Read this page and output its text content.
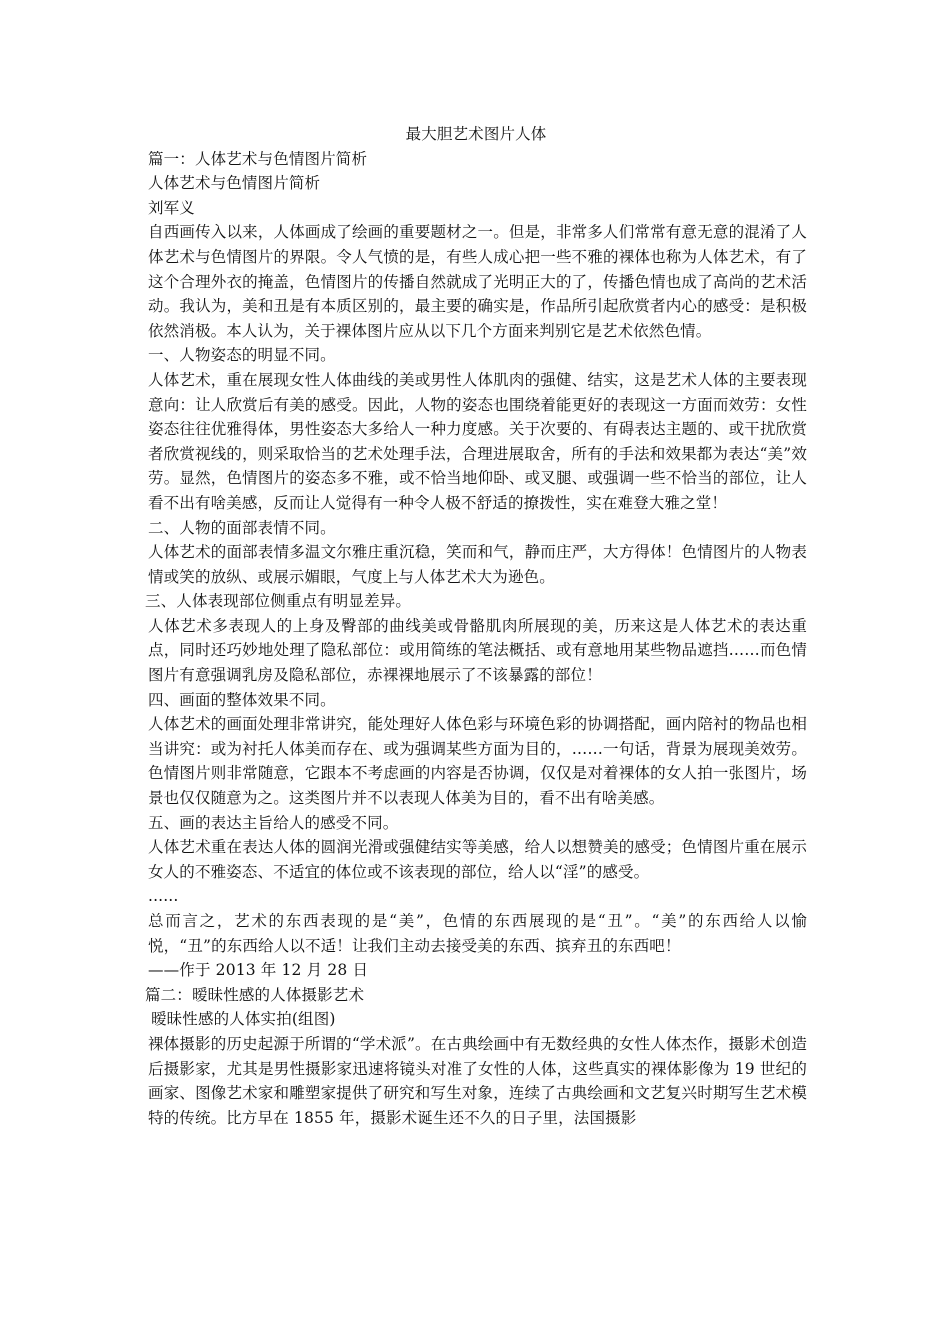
最大胆艺术图片人体

篇一：人体艺术与色情图片简析

人体艺术与色情图片简析

刘军义

自西画传入以来，人体画成了绘画的重要题材之一。但是，非常多人们常常有意无意的混淆了人体艺术与色情图片的界限。令人气愤的是，有些人成心把一些不雅的裸体也称为人体艺术，有了这个合理外衣的掩盖，色情图片的传播自然就成了光明正大的了，传播色情也成了高尚的艺术活动。我认为，美和丑是有本质区别的，最主要的确实是，作品所引起欣赏者内心的感受：是积极依然消极。本人认为，关于裸体图片应从以下几个方面来判别它是艺术依然色情。

一、人物姿态的明显不同。

人体艺术，重在展现女性人体曲线的美或男性人体肌肉的强健、结实，这是艺术人体的主要表现意向：让人欣赏后有美的感受。因此，人物的姿态也围绕着能更好的表现这一方面而效劳：女性姿态往往优雅得体，男性姿态大多给人一种力度感。关于次要的、有碍表达主题的、或干扰欣赏者欣赏视线的，则采取恰当的艺术处理手法，合理进展取舍，所有的手法和效果都为表达“美”效劳。显然，色情图片的姿态多不雅，或不恰当地仰卧、或叉腿、或强调一些不恰当的部位，让人看不出有啥美感，反而让人觉得有一种令人极不舒适的撩拨性，实在难登大雅之堂！

二、人物的面部表情不同。

人体艺术的面部表情多温文尔雅庄重沉稳，笑而和气，静而庄严，大方得体！色情图片的人物表情或笑的放纵、或展示媚眼，气度上与人体艺术大为逊色。

三、人体表现部位侧重点有明显差异。

人体艺术多表现人的上身及臀部的曲线美或骨骼肌肉所展现的美，历来这是人体艺术的表达重点，同时还巧妙地处理了隐私部位：或用简练的笔法概括、或有意地用某些物品遮挡……而色情图片有意强调乳房及隐私部位，赤裸裸地展示了不该暴露的部位！

四、画面的整体效果不同。

人体艺术的画面处理非常讲究，能处理好人体色彩与环境色彩的协调搭配，画内陪衬的物品也相当讲究：或为衬托人体美而存在、或为强调某些方面为目的，……一句话，背景为展现美效劳。色情图片则非常随意，它跟本不考虑画的内容是否协调，仅仅是对着裸体的女人拍一张图片，场景也仅仅随意为之。这类图片并不以表现人体美为目的，看不出有啥美感。

五、画的表达主旨给人的感受不同。

人体艺术重在表达人体的圆润光滑或强健结实等美感，给人以想赞美的感受；色情图片重在展示女人的不雅姿态、不适宜的体位或不该表现的部位，给人以“淫”的感受。

......

总而言之，艺术的东西表现的是“美”，色情的东西展现的是“丑”。“美”的东西给人以愉悦，“丑”的东西给人以不适！让我们主动去接受美的东西、摈弃丑的东西吧！

——作于 2013 年 12 月 28 日

篇二：暧昧性感的人体摄影艺术

暧昧性感的人体实拍(组图)

裸体摄影的历史起源于所谓的“学术派”。在古典绘画中有无数经典的女性人体杰作，摄影术创造后摄影家，尤其是男性摄影家迅速将镜头对准了女性的人体，这些真实的裸体影像为 19 世纪的画家、图像艺术家和雕塑家提供了研究和写生对象，连续了古典绘画和文艺复兴时期写生艺术模特的传统。比方早在 1855 年，摄影术诞生还不久的日子里，法国摄影
